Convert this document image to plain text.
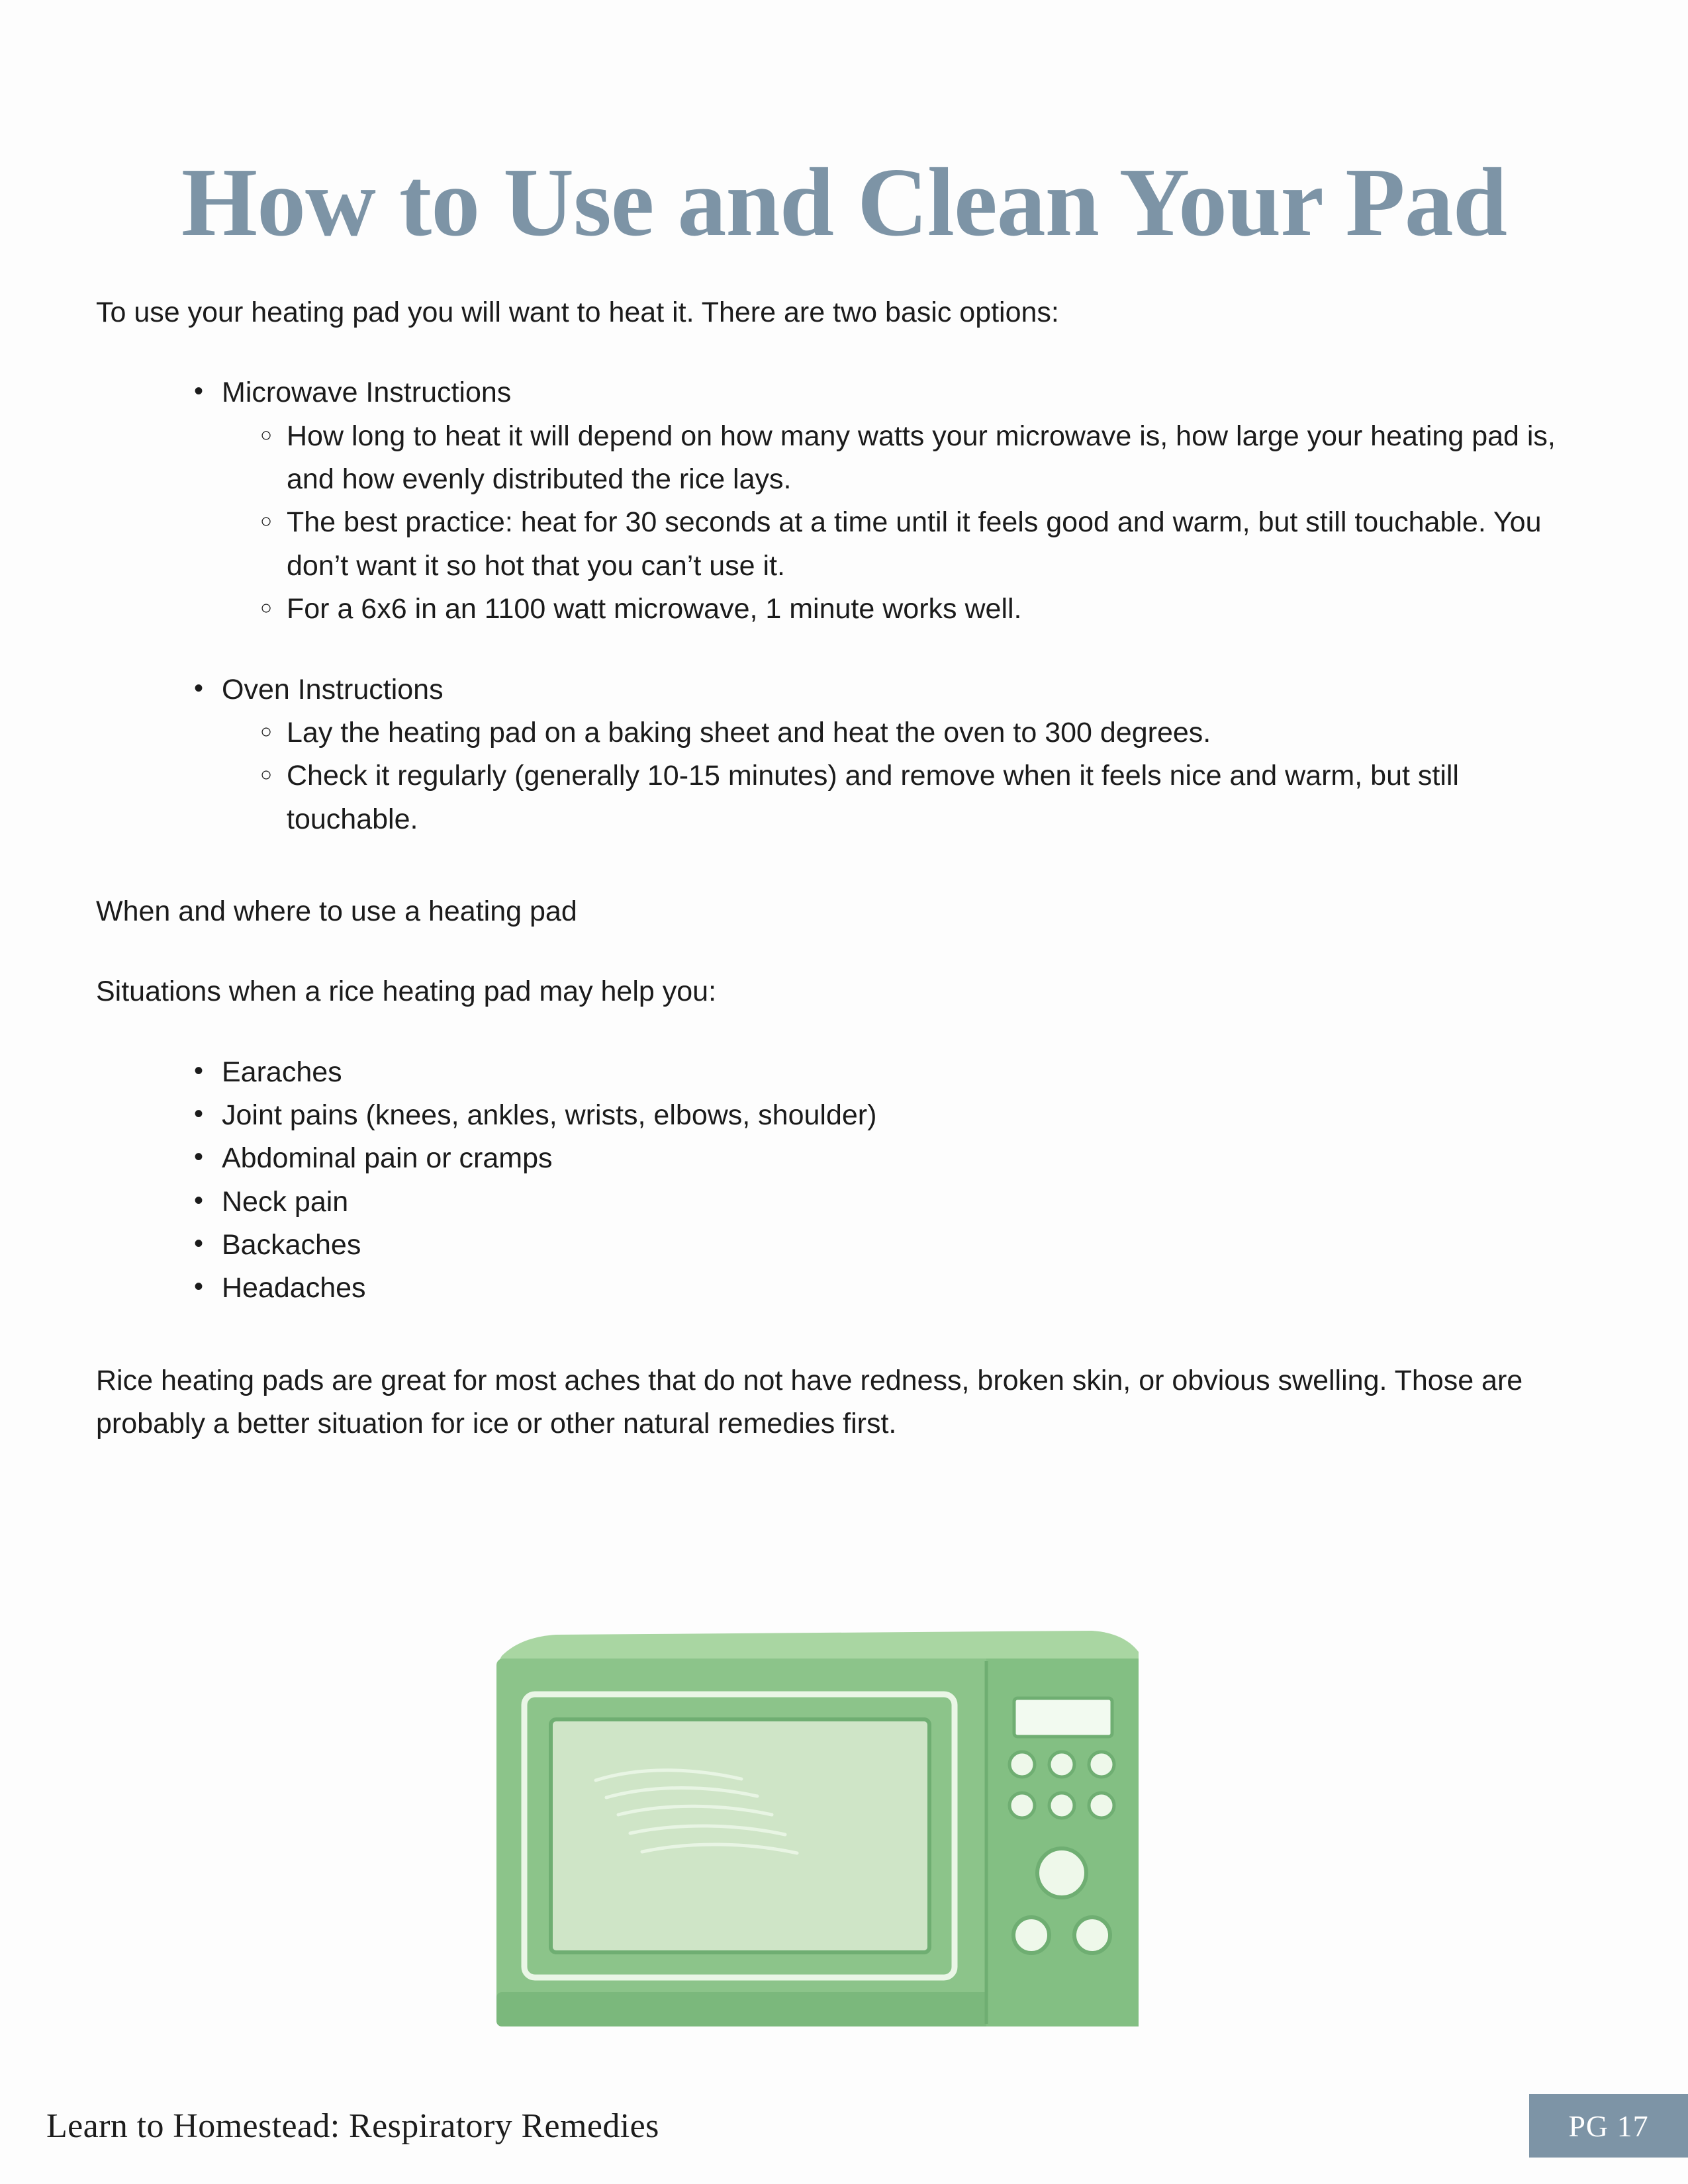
How to Use and Clean Your Pad

To use your heating pad you will want to heat it. There are two basic options:

• Microwave Instructions
○ How long to heat it will depend on how many watts your microwave is, how large your heating pad is, and how evenly distributed the rice lays.
○ The best practice: heat for 30 seconds at a time until it feels good and warm, but still touchable. You don’t want it so hot that you can’t use it.
○ For a 6x6 in an 1100 watt microwave, 1 minute works well.
• Oven Instructions
○ Lay the heating pad on a baking sheet and heat the oven to 300 degrees.
○ Check it regularly (generally 10-15 minutes) and remove when it feels nice and warm, but still touchable.

When and where to use a heating pad

Situations when a rice heating pad may help you:

• Earaches
• Joint pains (knees, ankles, wrists, elbows, shoulder)
• Abdominal pain or cramps
• Neck pain
• Backaches
• Headaches

Rice heating pads are great for most aches that do not have redness, broken skin, or obvious swelling. Those are probably a better situation for ice or other natural remedies first.

Learn to Homestead: Respiratory Remedies	PG 17
